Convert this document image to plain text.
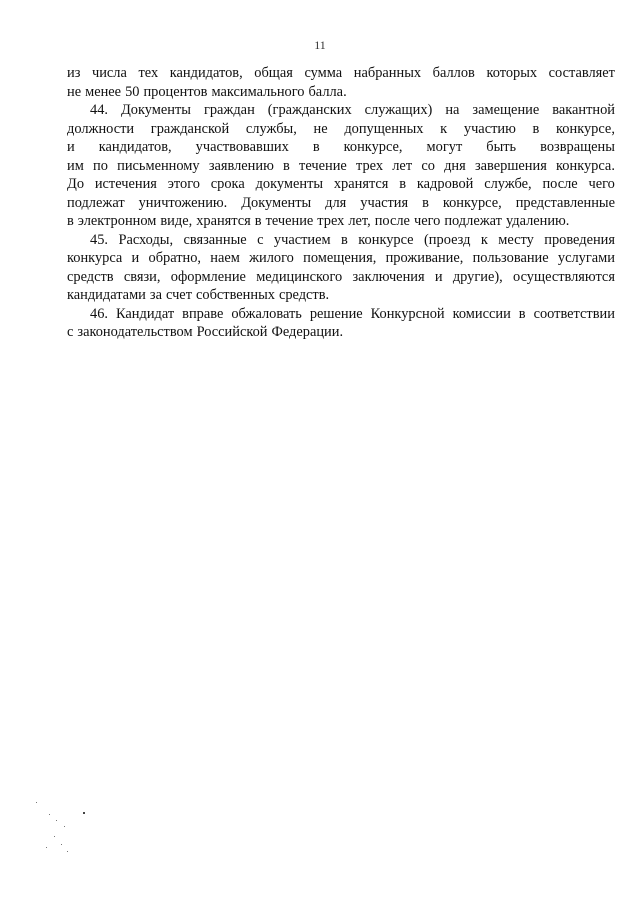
11
из числа тех кандидатов, общая сумма набранных баллов которых составляет
не менее 50 процентов максимального балла.
44. Документы граждан (гражданских служащих) на замещение вакантной
должности гражданской службы, не допущенных к участию в конкурсе,
и кандидатов, участвовавших в конкурсе, могут быть возвращены
им по письменному заявлению в течение трех лет со дня завершения конкурса.
До истечения этого срока документы хранятся в кадровой службе, после чего
подлежат уничтожению. Документы для участия в конкурсе, представленные
в электронном виде, хранятся в течение трех лет, после чего подлежат удалению.
45. Расходы, связанные с участием в конкурсе (проезд к месту проведения
конкурса и обратно, наем жилого помещения, проживание, пользование услугами
средств связи, оформление медицинского заключения и другие), осуществляются
кандидатами за счет собственных средств.
46. Кандидат вправе обжаловать решение Конкурсной комиссии в соответствии
с законодательством Российской Федерации.
